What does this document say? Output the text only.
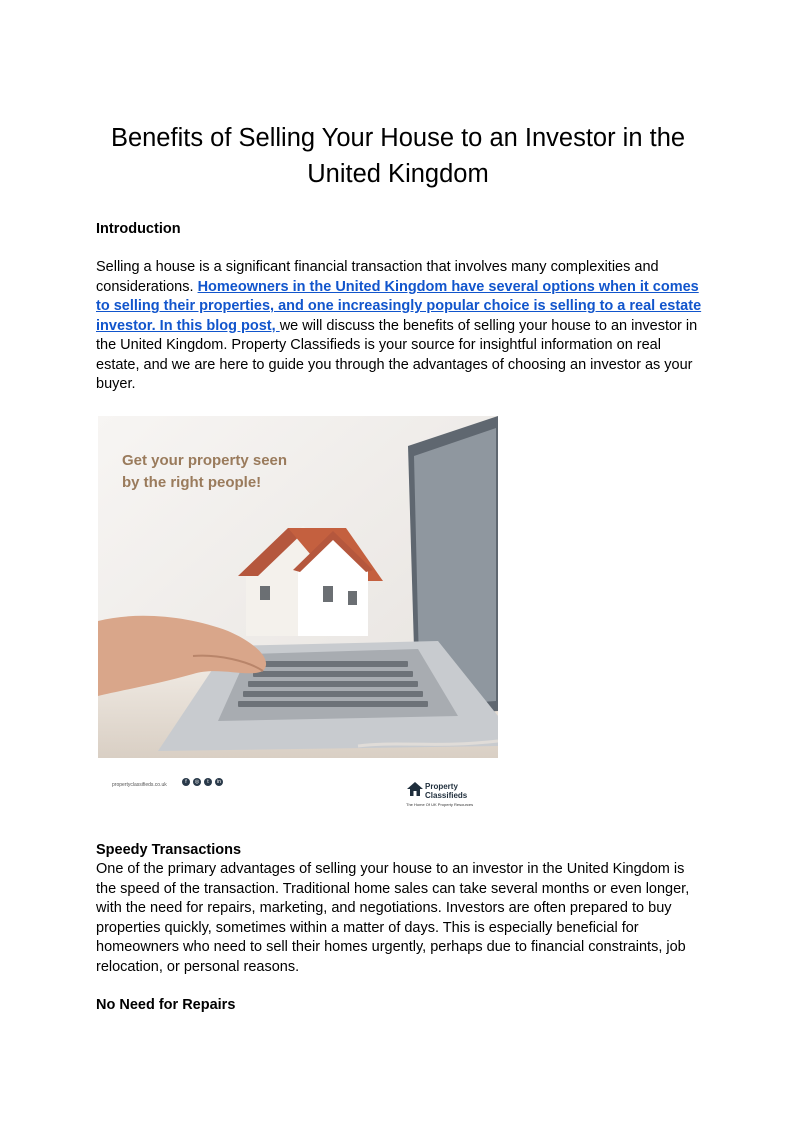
Benefits of Selling Your House to an Investor in the United Kingdom

Introduction

Selling a house is a significant financial transaction that involves many complexities and considerations. Homeowners in the United Kingdom have several options when it comes to selling their properties, and one increasingly popular choice is selling to a real estate investor. In this blog post, we will discuss the benefits of selling your house to an investor in the United Kingdom. Property Classifieds is your source for insightful information on real estate, and we are here to guide you through the advantages of choosing an investor as your buyer.

Speedy Transactions

One of the primary advantages of selling your house to an investor in the United Kingdom is the speed of the transaction. Traditional home sales can take several months or even longer, with the need for repairs, marketing, and negotiations. Investors are often prepared to buy properties quickly, sometimes within a matter of days. This is especially beneficial for homeowners who need to sell their homes urgently, perhaps due to financial constraints, job relocation, or personal reasons.

No Need for Repairs

Get your property seen
by the right people!
propertyclassifieds.co.uk	f	◎	t	in	Property Classifieds
The Home Of UK Property Resources
